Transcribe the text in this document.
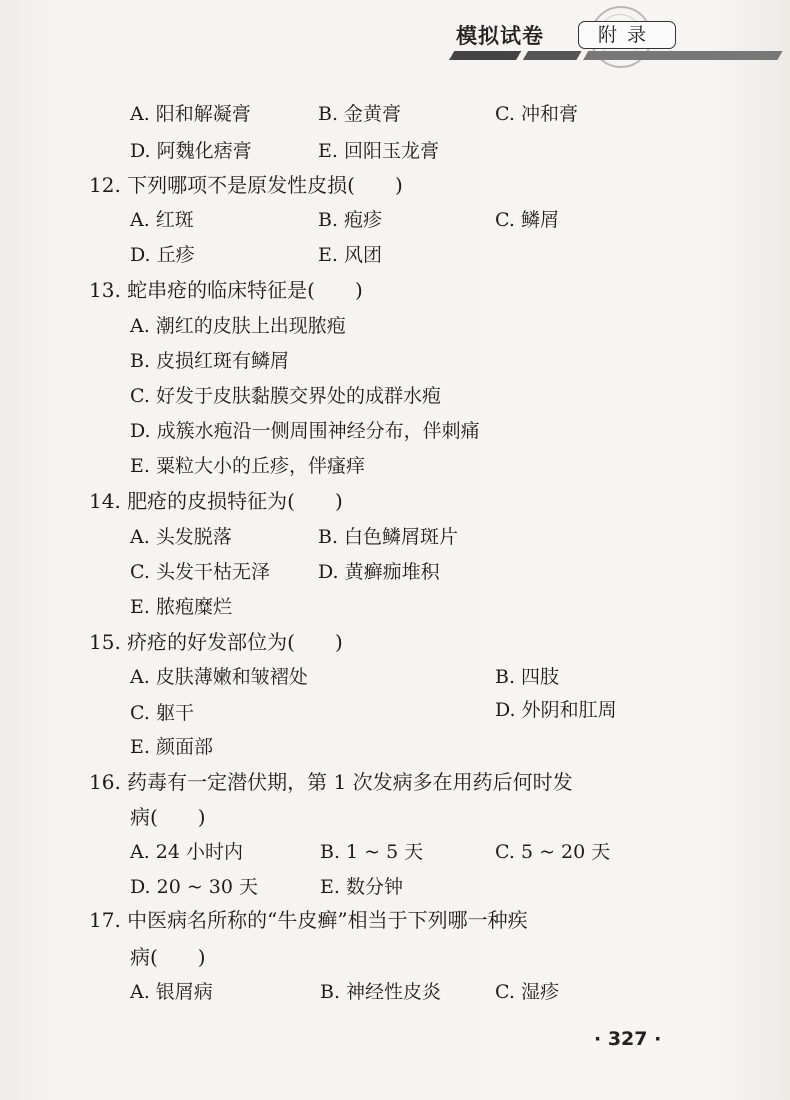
模拟试卷	附录
A. 阳和解凝膏	B. 金黄膏	C. 冲和膏
D. 阿魏化痞膏	E. 回阳玉龙膏
12. 下列哪项不是原发性皮损(　　)
A. 红斑	B. 疱疹	C. 鳞屑
D. 丘疹	E. 风团
13. 蛇串疮的临床特征是(　　)
A. 潮红的皮肤上出现脓疱
B. 皮损红斑有鳞屑
C. 好发于皮肤黏膜交界处的成群水疱
D. 成簇水疱沿一侧周围神经分布，伴刺痛
E. 粟粒大小的丘疹，伴瘙痒
14. 肥疮的皮损特征为(　　)
A. 头发脱落	B. 白色鳞屑斑片
C. 头发干枯无泽	D. 黄癣痂堆积
E. 脓疱糜烂
15. 疥疮的好发部位为(　　)
A. 皮肤薄嫩和皱褶处	B. 四肢
C. 躯干	D. 外阴和肛周
E. 颜面部
16. 药毒有一定潜伏期，第 1 次发病多在用药后何时发
病(　　)
A. 24 小时内	B. 1 ~ 5 天	C. 5 ~ 20 天
D. 20 ~ 30 天	E. 数分钟
17. 中医病名所称的“牛皮癣”相当于下列哪一种疾
病(　　)
A. 银屑病	B. 神经性皮炎	C. 湿疹
· 327 ·
